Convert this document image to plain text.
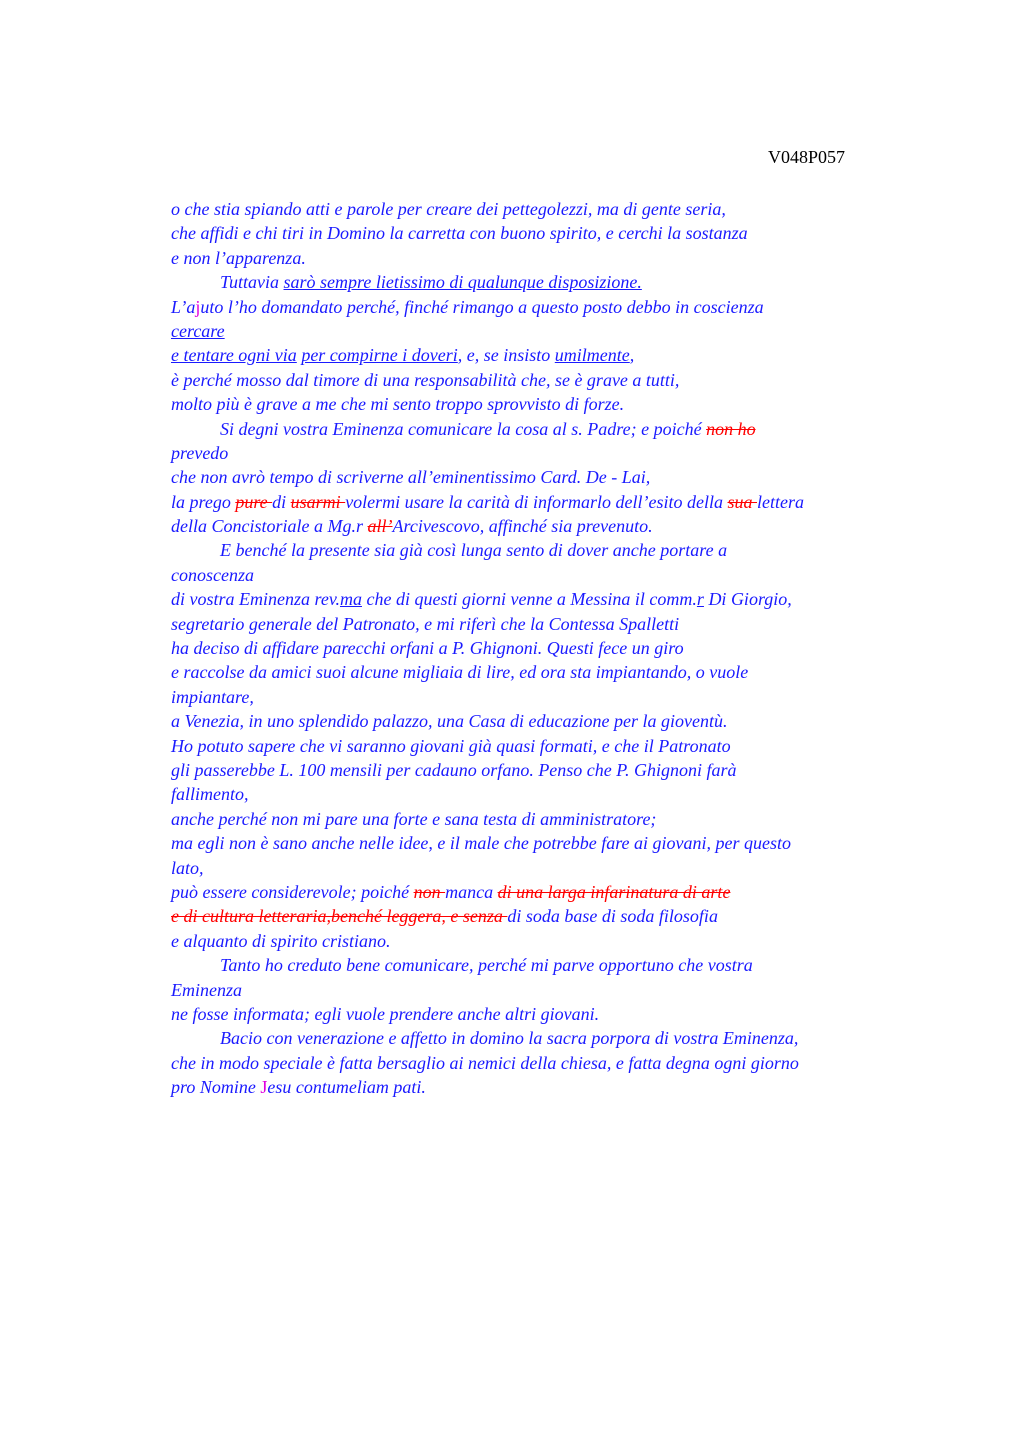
V048P057
o che stia spiando atti e parole per creare dei pettegolezzi, ma di gente seria,
che affidi e chi tiri in Domino la carretta con buono spirito, e cerchi la sostanza
e non l’apparenza.
Tuttavia sarò sempre lietissimo di qualunque disposizione.
L’ajuto l’ho domandato perché, finché rimango a questo posto debbo in coscienza
cercare
e tentare ogni via per compirne i doveri, e, se insisto umilmente,
è perché mosso dal timore di una responsabilità che, se è grave a tutti,
molto più è grave a me che mi sento troppo sprovvisto di forze.
Si degni vostra Eminenza comunicare la cosa al s. Padre; e poiché non ho
prevedo
che non avrò tempo di scriverne all’eminentissimo Card. De - Lai,
la prego pure di usarmi volermi usare la carità di informarlo dell’esito della sua lettera
della Concistoriale a Mg.r all’Arcivescovo, affinché sia prevenuto.
E benché la presente sia già così lunga sento di dover anche portare a
conoscenza
di vostra Eminenza rev.ma che di questi giorni venne a Messina il comm.r Di Giorgio,
segretario generale del Patronato, e mi riferì che la Contessa Spalletti
ha deciso di affidare parecchi orfani a P. Ghignoni. Questi fece un giro
e raccolse da amici suoi alcune migliaia di lire, ed ora sta impiantando, o vuole
impiantare,
a Venezia, in uno splendido palazzo, una Casa di educazione per la gioventù.
Ho potuto sapere che vi saranno giovani già quasi formati, e che il Patronato
gli passerebbe L. 100 mensili per cadauno orfano. Penso che P. Ghignoni farà
fallimento,
anche perché non mi pare una forte e sana testa di amministratore;
ma egli non è sano anche nelle idee, e il male che potrebbe fare ai giovani, per questo
lato,
può essere considerevole; poiché non manca di una larga infarinatura di arte
e di cultura letteraria,benché leggera, e senza di soda base di soda filosofia
e alquanto di spirito cristiano.
Tanto ho creduto bene comunicare, perché mi parve opportuno che vostra
Eminenza
ne fosse informata; egli vuole prendere anche altri giovani.
Bacio con venerazione e affetto in domino la sacra porpora di vostra Eminenza,
che in modo speciale è fatta bersaglio ai nemici della chiesa, e fatta degna ogni giorno
pro Nomine Jesu contumeliam pati.
